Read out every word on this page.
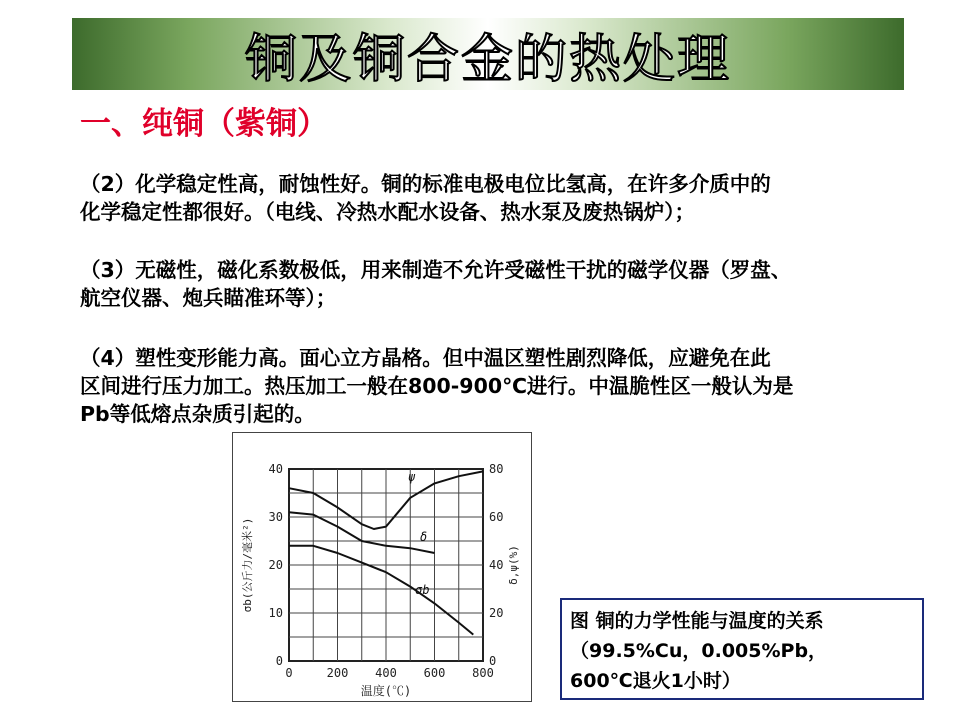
铜及铜合金的热处理
一、纯铜（紫铜）
（2）化学稳定性高，耐蚀性好。铜的标准电极电位比氢高，在许多介质中的
化学稳定性都很好。（电线、冷热水配水设备、热水泵及废热锅炉）；
（3）无磁性，磁化系数极低，用来制造不允许受磁性干扰的磁学仪器（罗盘、
航空仪器、炮兵瞄准环等）；
（4）塑性变形能力高。面心立方晶格。但中温区塑性剧烈降低，应避免在此
区间进行压力加工。热压加工一般在800-900℃进行。中温脆性区一般认为是
Pb等低熔点杂质引起的。
0	200 400 600 800
0
10
20
30
40
0
20
40
60
80
温度(℃)
σb(公斤力/毫米²)	δ,ψ(%)
ψ
δ
σb
图 铜的力学性能与温度的关系
（99.5%Cu，0.005%Pb，
600℃退火1小时）
